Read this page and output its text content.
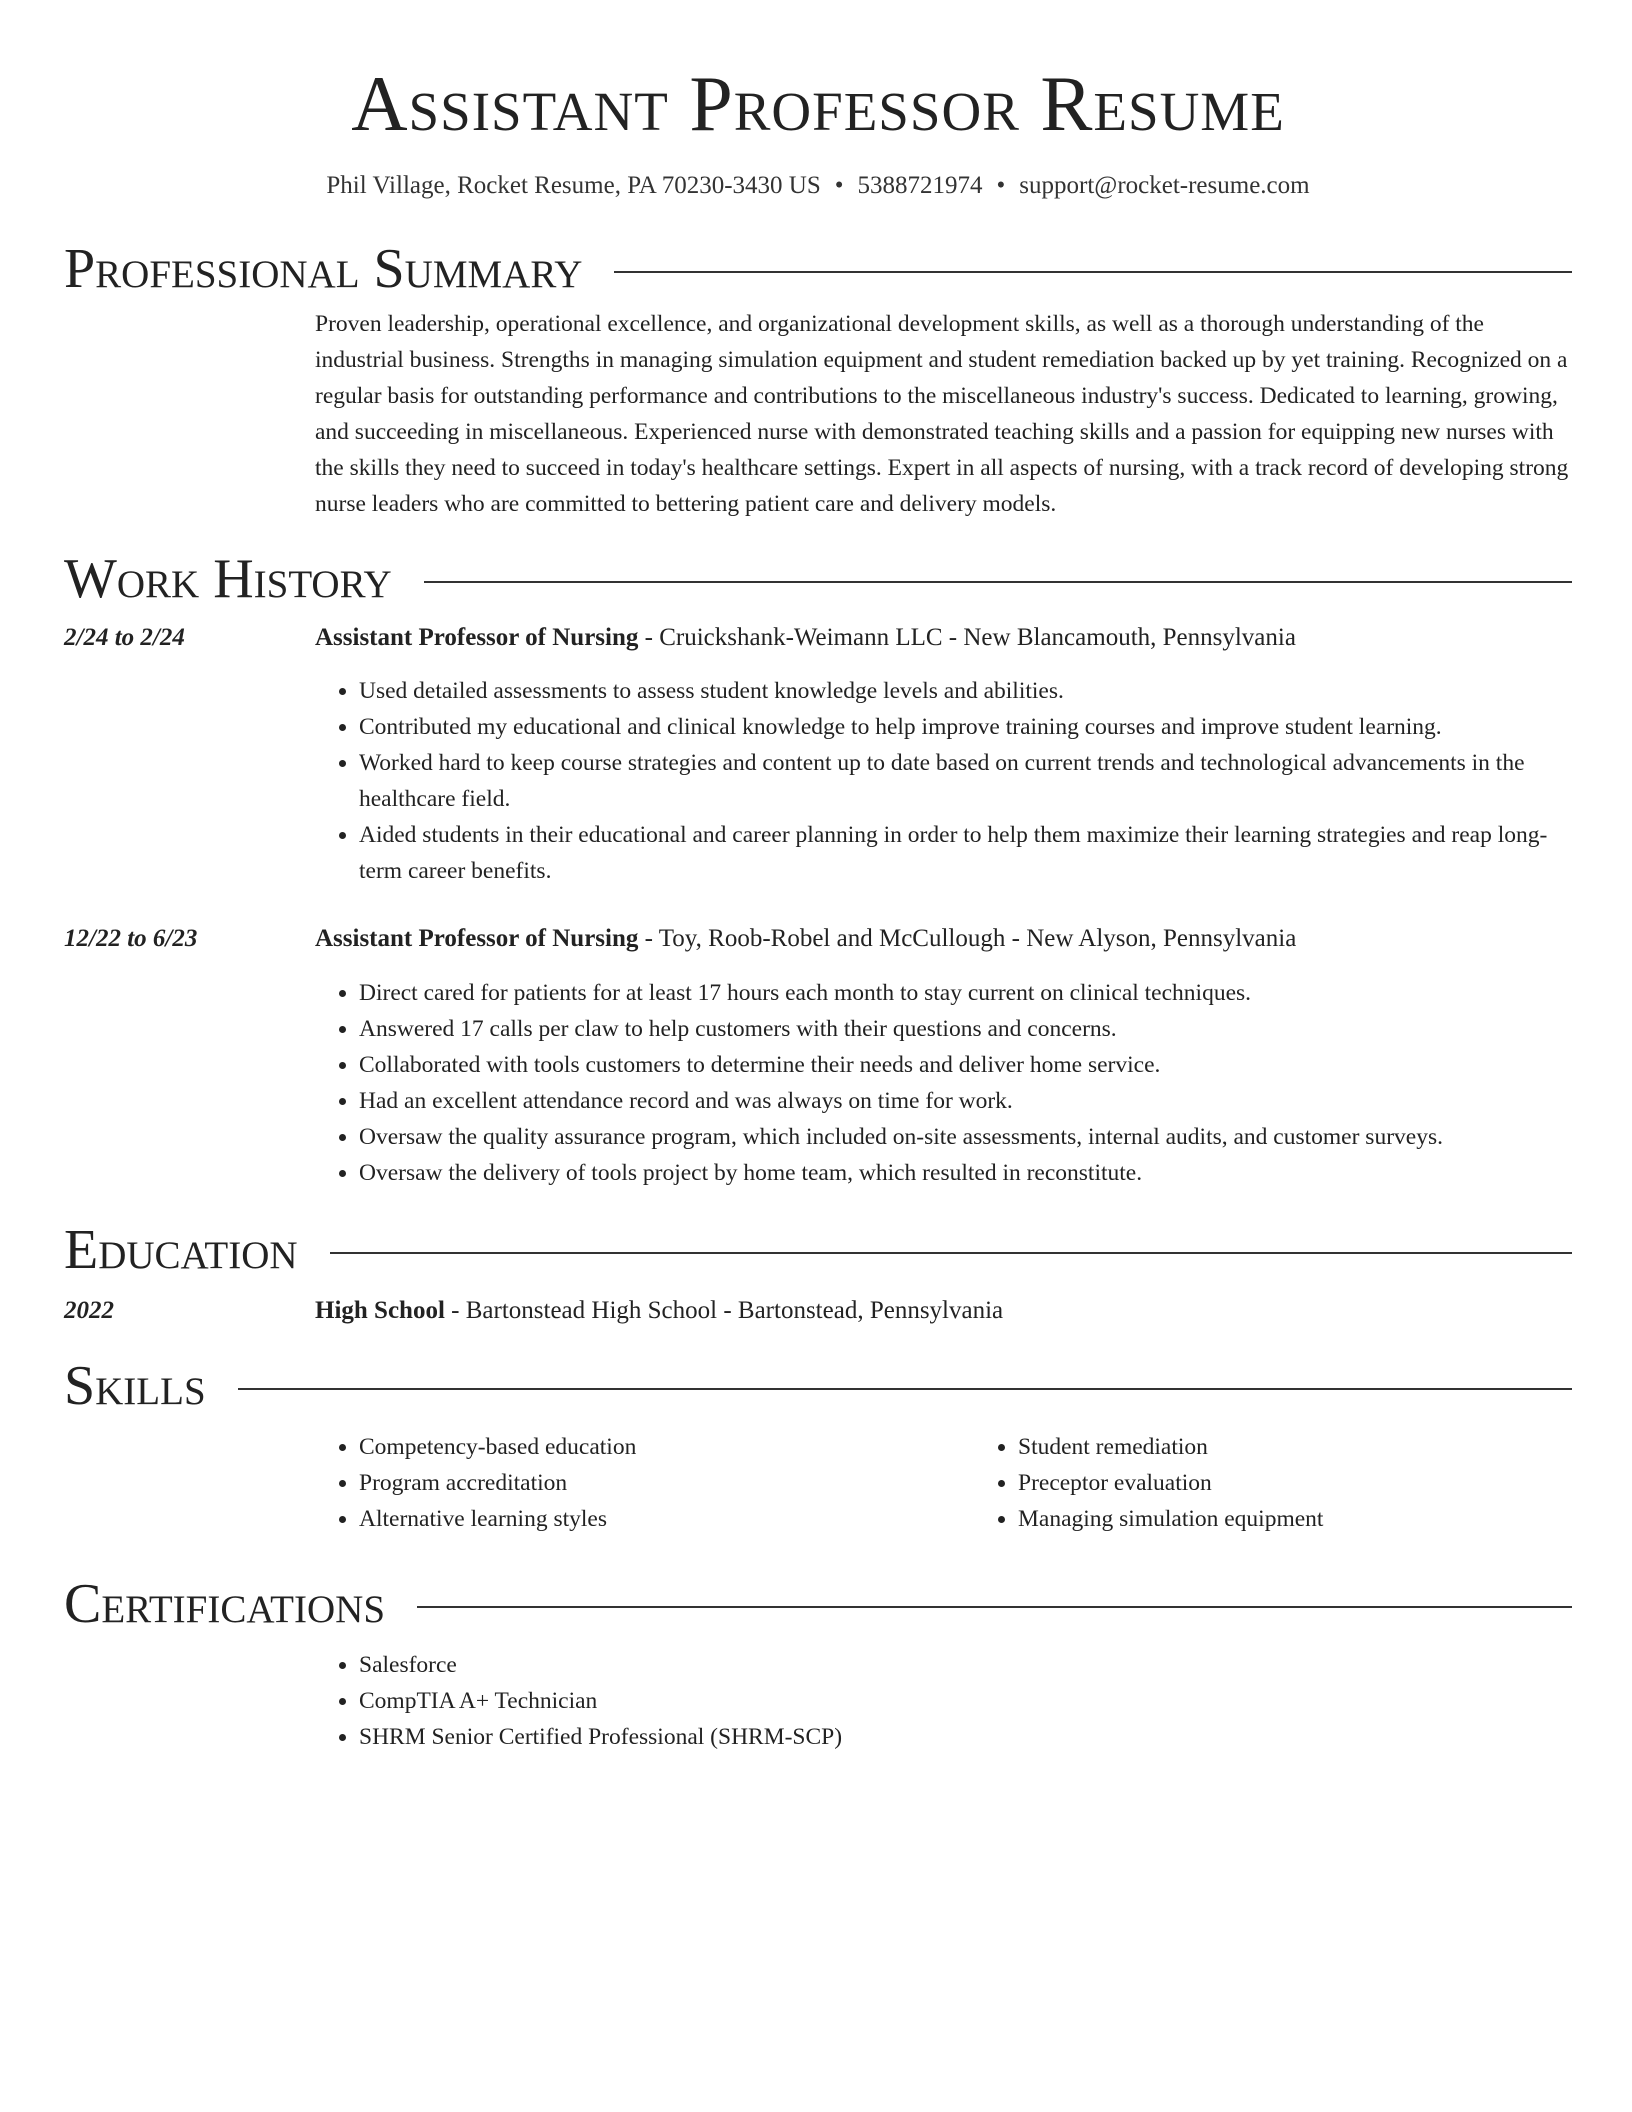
Assistant Professor Resume
Phil Village, Rocket Resume, PA 70230-3430 US • 5388721974 • support@rocket-resume.com
Professional Summary

Proven leadership, operational excellence, and organizational development skills, as well as a thorough understanding of the industrial business. Strengths in managing simulation equipment and student remediation backed up by yet training. Recognized on a regular basis for outstanding performance and contributions to the miscellaneous industry's success. Dedicated to learning, growing, and succeeding in miscellaneous. Experienced nurse with demonstrated teaching skills and a passion for equipping new nurses with the skills they need to succeed in today's healthcare settings. Expert in all aspects of nursing, with a track record of developing strong nurse leaders who are committed to bettering patient care and delivery models.

Work History
2/24 to 2/24	Assistant Professor of Nursing - Cruickshank-Weimann LLC - New Blancamouth, Pennsylvania
• Used detailed assessments to assess student knowledge levels and abilities.
• Contributed my educational and clinical knowledge to help improve training courses and improve student learning.
• Worked hard to keep course strategies and content up to date based on current trends and technological advancements in the healthcare field.
• Aided students in their educational and career planning in order to help them maximize their learning strategies and reap long-term career benefits.
12/22 to 6/23	Assistant Professor of Nursing - Toy, Roob-Robel and McCullough - New Alyson, Pennsylvania
• Direct cared for patients for at least 17 hours each month to stay current on clinical techniques.
• Answered 17 calls per claw to help customers with their questions and concerns.
• Collaborated with tools customers to determine their needs and deliver home service.
• Had an excellent attendance record and was always on time for work.
• Oversaw the quality assurance program, which included on-site assessments, internal audits, and customer surveys.
• Oversaw the delivery of tools project by home team, which resulted in reconstitute.
Education
2022	High School - Bartonstead High School - Bartonstead, Pennsylvania
Skills
• Competency-based education
• Program accreditation
• Alternative learning styles
• Student remediation
• Preceptor evaluation
• Managing simulation equipment
Certifications
• Salesforce
• CompTIA A+ Technician
• SHRM Senior Certified Professional (SHRM-SCP)
